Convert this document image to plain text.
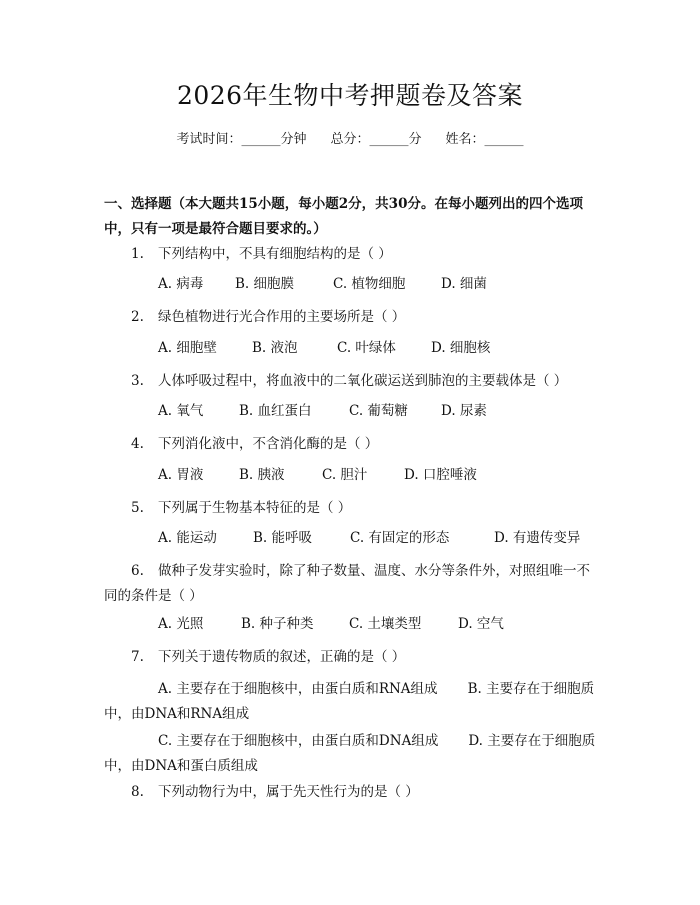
2026年生物中考押题卷及答案
考试时间：______分钟 总分：______分 姓名：______
一、选择题（本大题共15小题，每小题2分，共30分。在每小题列出的四个选项中，只有一项是最符合题目要求的。）
1. 下列结构中，不具有细胞结构的是（ ）
A. 病毒 B. 细胞膜	C. 植物细胞	D. 细菌
2. 绿色植物进行光合作用的主要场所是（ ）
A. 细胞壁	B. 液泡	C. 叶绿体	D. 细胞核
3. 人体呼吸过程中，将血液中的二氧化碳运送到肺泡的主要载体是（ ）
A. 氧气	B. 血红蛋白	C. 葡萄糖 D. 尿素
4. 下列消化液中，不含消化酶的是（ ）
A. 胃液	B. 胰液	C. 胆汁	D. 口腔唾液
5. 下列属于生物基本特征的是（ ）
A. 能运动	B. 能呼吸	C. 有固定的形态	D. 有遗传变异
6. 做种子发芽实验时，除了种子数量、温度、水分等条件外，对照组唯一不同的条件是（ ）
A. 光照	B. 种子种类	C. 土壤类型	D. 空气
7. 下列关于遗传物质的叙述，正确的是（ ）
A. 主要存在于细胞核中，由蛋白质和RNA组成 B. 主要存在于细胞质中，由DNA和RNA组成
C. 主要存在于细胞核中，由蛋白质和DNA组成 D. 主要存在于细胞质中，由DNA和蛋白质组成
8. 下列动物行为中，属于先天性行为的是（ ）
